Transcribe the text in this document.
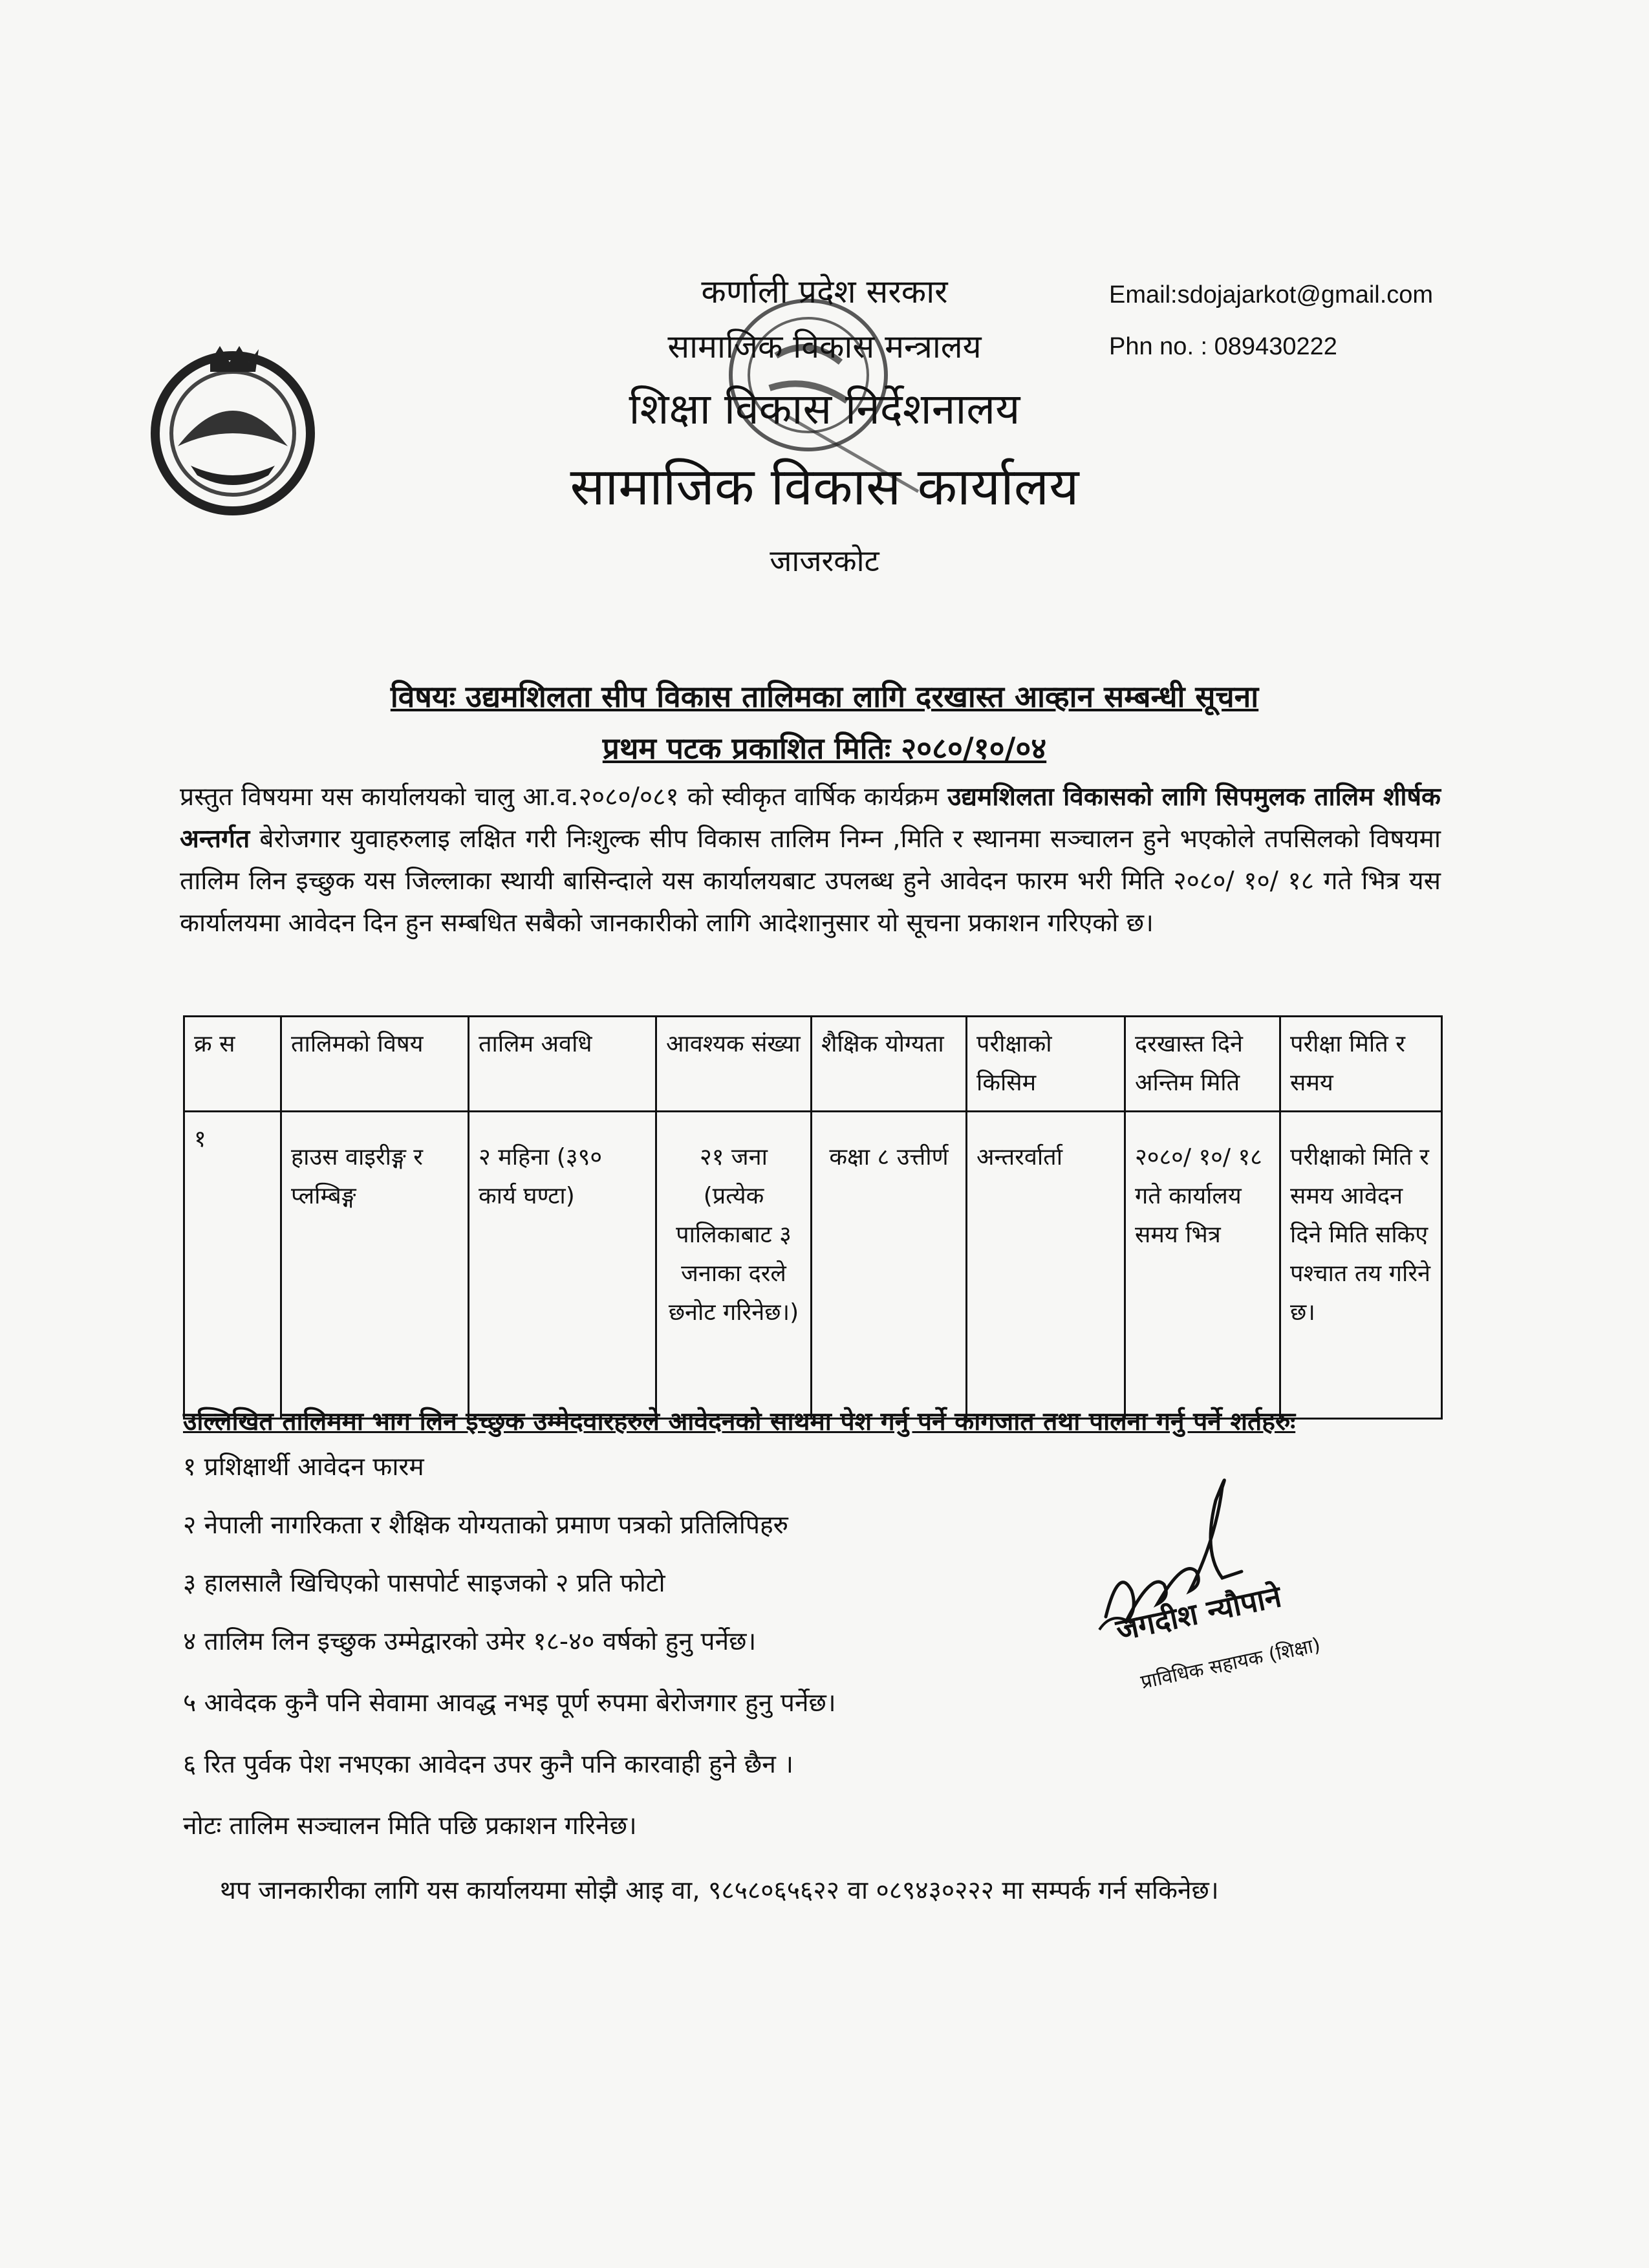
कर्णाली प्रदेश सरकार
सामाजिक विकास मन्त्रालय
शिक्षा विकास निर्देशनालय
सामाजिक विकास कार्यालय
जाजरकोट
Email:sdojajarkot@gmail.com
Phn no. : 089430222
विषयः उद्यमशिलता सीप विकास तालिमका लागि दरखास्त आव्हान सम्बन्धी सूचना
प्रथम पटक प्रकाशित मितिः २०८०/१०/०४
प्रस्तुत विषयमा यस कार्यालयको चालु आ.व.२०८०/०८१ को स्वीकृत वार्षिक कार्यक्रम उद्यमशिलता विकासको लागि सिपमुलक तालिम शीर्षक अन्तर्गत बेरोजगार युवाहरुलाइ लक्षित गरी निःशुल्क सीप विकास तालिम निम्न ,मिति र स्थानमा सञ्चालन हुने भएकोले तपसिलको विषयमा तालिम लिन इच्छुक यस जिल्लाका स्थायी बासिन्दाले यस कार्यालयबाट उपलब्ध हुने आवेदन फारम भरी मिति २०८०/ १०/ १८ गते भित्र यस कार्यालयमा आवेदन दिन हुन सम्बधित सबैको जानकारीको लागि आदेशानुसार यो सूचना प्रकाशन गरिएको छ।
क्र स	तालिमको विषय	तालिम अवधि	आवश्यक संख्या	शैक्षिक योग्यता	परीक्षाको किसिम	दरखास्त दिने अन्तिम मिति	परीक्षा मिति र समय
१	हाउस वाइरीङ्ग र प्लम्बिङ्ग	२ महिना (३९० कार्य घण्टा)	२१ जना (प्रत्येक पालिकाबाट ३ जनाका दरले छनोट गरिनेछ।)	कक्षा ८ उत्तीर्ण	अन्तरर्वार्ता	२०८०/ १०/ १८ गते कार्यालय समय भित्र	परीक्षाको मिति र समय आवेदन दिने मिति सकिए पश्चात तय गरिने छ।
उल्लिखित तालिममा भाग लिन इच्छुक उम्मेदवारहरुले आवेदनको साथमा पेश गर्नु पर्ने कागजात तथा पालना गर्नु पर्ने शर्तहरुः
१ प्रशिक्षार्थी आवेदन फारम
२ नेपाली नागरिकता र शैक्षिक योग्यताको प्रमाण पत्रको प्रतिलिपिहरु
३ हालसालै खिचिएको पासपोर्ट साइजको २ प्रति फोटो
४ तालिम लिन इच्छुक उम्मेद्वारको उमेर १८-४० वर्षको हुनु पर्नेछ।
५ आवेदक कुनै पनि सेवामा आवद्ध नभइ पूर्ण रुपमा बेरोजगार हुनु पर्नेछ।
६ रित पुर्वक पेश नभएका आवेदन उपर कुनै पनि कारवाही हुने छैन ।
नोटः तालिम सञ्चालन मिति पछि प्रकाशन गरिनेछ।
थप जानकारीका लागि यस कार्यालयमा सोझै आइ वा, ९८५८०६५६२२ वा ०८९४३०२२२ मा सम्पर्क गर्न सकिनेछ।
जगदीश न्यौपाने
प्राविधिक सहायक (शिक्षा)
